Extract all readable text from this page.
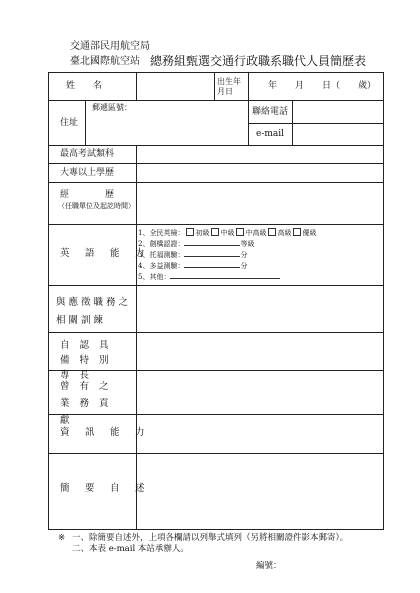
交通部民用航空局
臺北國際航空站 總務組甄選交通行政職系職代人員簡歷表
姓　　名	出生年月日
年　　月　　日（　　歲）
住址
郵遞區號：	聯絡電話
e-mail
最高考試類科
大專以上學歷
經　　　　歷
（任職單位及起訖時間）
英　語　能　力
1、全民英檢： 初級 中級 中高級 高級 優級
2、劍橋認證：	等級
3、托福測驗：	分
4、多益測驗：	分
5、其他：
與應徵職務之相關訓練
自認具備特別專長
曾有之業務貢獻
資　訊　能　力
簡　要　自　述
※ 一、除簡要自述外，上項各欄請以列舉式填列（另將相關證件影本郵寄）。
二、本表 e-mail 本站承辦人。
編號：
